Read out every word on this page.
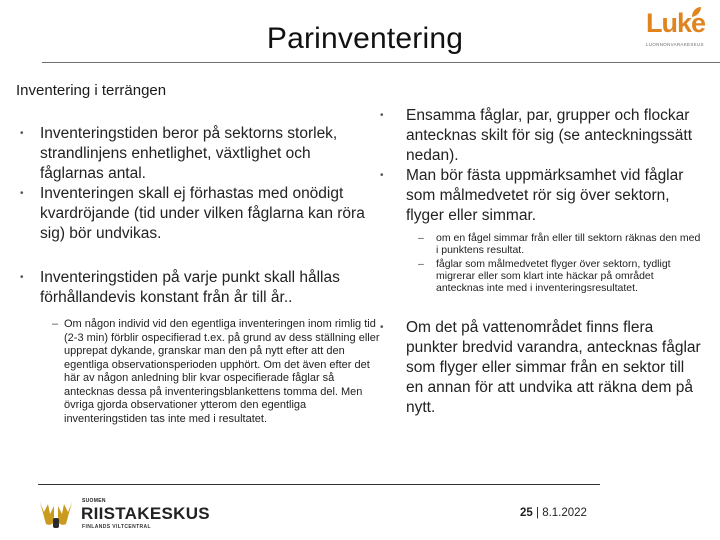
Parinventering	Luke
LUONNONVARAKESKUS
Inventering i terrängen
•	Inventeringstiden beror på sektorns storlek, strandlinjens enhetlighet, växtlighet och fåglarnas antal.
•	Inventeringen skall ej förhastas med onödigt kvardröjande (tid under vilken fåglarna kan röra sig) bör undvikas.
•	Inventeringstiden på varje punkt skall hållas förhållandevis konstant från år till år..
– Om någon individ vid den egentliga inventeringen inom rimlig tid (2-3 min) förblir ospecifierad t.ex. på grund av dess ställning eller upprepat dykande, granskar man den på nytt efter att den egentliga observationsperioden upphört. Om det även efter det här av någon anledning blir kvar ospecifierade fåglar så antecknas dessa på inventeringsblankettens tomma del. Men övriga gjorda observationer ytterom den egentliga inventeringstiden tas inte med i resultatet.
•	Ensamma fåglar, par, grupper och flockar antecknas skilt för sig (se anteckningssätt nedan).
•	Man bör fästa uppmärksamhet vid fåglar som målmedvetet rör sig över sektorn, flyger eller simmar.
– om en fågel simmar från eller till sektorn räknas den med i punktens resultat.
– fåglar som målmedvetet flyger över sektorn, tydligt migrerar eller som klart inte häckar på området antecknas inte med i inventeringsresultatet.
•	Om det på vattenområdet finns flera punkter bredvid varandra, antecknas fåglar som flyger eller simmar från en sektor till en annan för att undvika att räkna dem på nytt.
SUOMEN
RIISTAKESKUS
FINLANDS VILTCENTRAL
25 | 8.1.2022
